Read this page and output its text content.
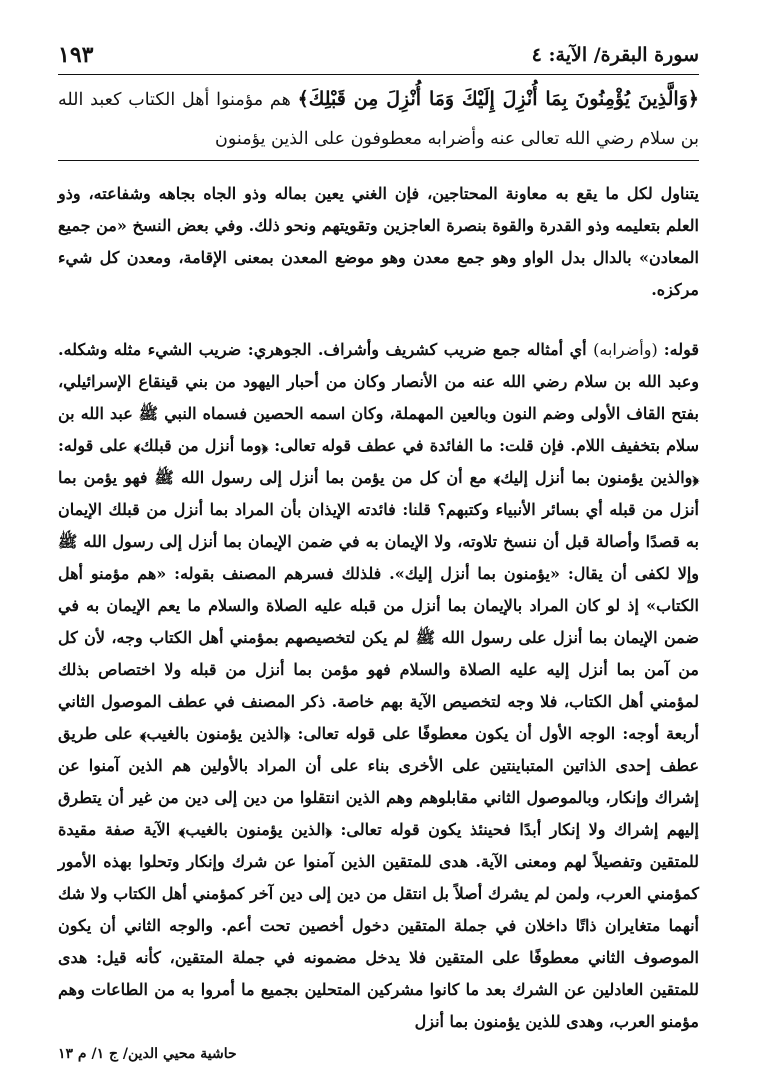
١٩٣	سورة البقرة/ الآية: ٤

﴿وَالَّذِينَ يُؤْمِنُونَ بِمَا أُنْزِلَ إِلَيْكَ وَمَا أُنْزِلَ مِن قَبْلِكَ﴾ هم مؤمنوا أهل الكتاب كعبد الله بن سلام رضي الله تعالى عنه وأضرابه معطوفون على الذين يؤمنون

يتناول لكل ما يقع به معاونة المحتاجين، فإن الغني يعين بماله وذو الجاه بجاهه وشفاعته، وذو العلم بتعليمه وذو القدرة والقوة بنصرة العاجزين وتقويتهم ونحو ذلك. وفي بعض النسخ «من جميع المعادن» بالدال بدل الواو وهو جمع معدن وهو موضع المعدن بمعنى الإقامة، ومعدن كل شيء مركزه.

قوله: (وأضرابه) أي أمثاله جمع ضريب كشريف وأشراف. الجوهري: ضريب الشيء مثله وشكله. وعبد الله بن سلام رضي الله عنه من الأنصار وكان من أحبار اليهود من بني قينقاع الإسرائيلي، بفتح القاف الأولى وضم النون وبالعين المهملة، وكان اسمه الحصين فسماه النبي ﷺ عبد الله بن سلام بتخفيف اللام. فإن قلت: ما الفائدة في عطف قوله تعالى: ﴿وما أنزل من قبلك﴾ على قوله: ﴿والذين يؤمنون بما أنزل إليك﴾ مع أن كل من يؤمن بما أنزل إلى رسول الله ﷺ فهو يؤمن بما أنزل من قبله أي بسائر الأنبياء وكتبهم؟ قلنا: فائدته الإيذان بأن المراد بما أنزل من قبلك الإيمان به قصدًا وأصالة قبل أن ننسخ تلاوته، ولا الإيمان به في ضمن الإيمان بما أنزل إلى رسول الله ﷺ وإلا لكفى أن يقال: «يؤمنون بما أنزل إليك». فلذلك فسرهم المصنف بقوله: «هم مؤمنو أهل الكتاب» إذ لو كان المراد بالإيمان بما أنزل من قبله عليه الصلاة والسلام ما يعم الإيمان به في ضمن الإيمان بما أنزل على رسول الله ﷺ لم يكن لتخصيصهم بمؤمني أهل الكتاب وجه، لأن كل من آمن بما أنزل إليه عليه الصلاة والسلام فهو مؤمن بما أنزل من قبله ولا اختصاص بذلك لمؤمني أهل الكتاب، فلا وجه لتخصيص الآية بهم خاصة. ذكر المصنف في عطف الموصول الثاني أربعة أوجه: الوجه الأول أن يكون معطوفًا على قوله تعالى: ﴿الذين يؤمنون بالغيب﴾ على طريق عطف إحدى الذاتين المتباينتين على الأخرى بناء على أن المراد بالأولين هم الذين آمنوا عن إشراك وإنكار، وبالموصول الثاني مقابلوهم وهم الذين انتقلوا من دين إلى دين من غير أن يتطرق إليهم إشراك ولا إنكار أبدًا فحينئذ يكون قوله تعالى: ﴿الذين يؤمنون بالغيب﴾ الآية صفة مقيدة للمتقين وتفصيلاً لهم ومعنى الآية. هدى للمتقين الذين آمنوا عن شرك وإنكار وتحلوا بهذه الأمور كمؤمني العرب، ولمن لم يشرك أصلاً بل انتقل من دين إلى دين آخر كمؤمني أهل الكتاب ولا شك أنهما متغايران ذاتًا داخلان في جملة المتقين دخول أخصين تحت أعم. والوجه الثاني أن يكون الموصوف الثاني معطوفًا على المتقين فلا يدخل مضمونه في جملة المتقين، كأنه قيل: هدى للمتقين العادلين عن الشرك بعد ما كانوا مشركين المتحلين بجميع ما أمروا به من الطاعات وهم مؤمنو العرب، وهدى للذين يؤمنون بما أنزل

حاشية محيي الدين/ ج ١/ م ١٣
